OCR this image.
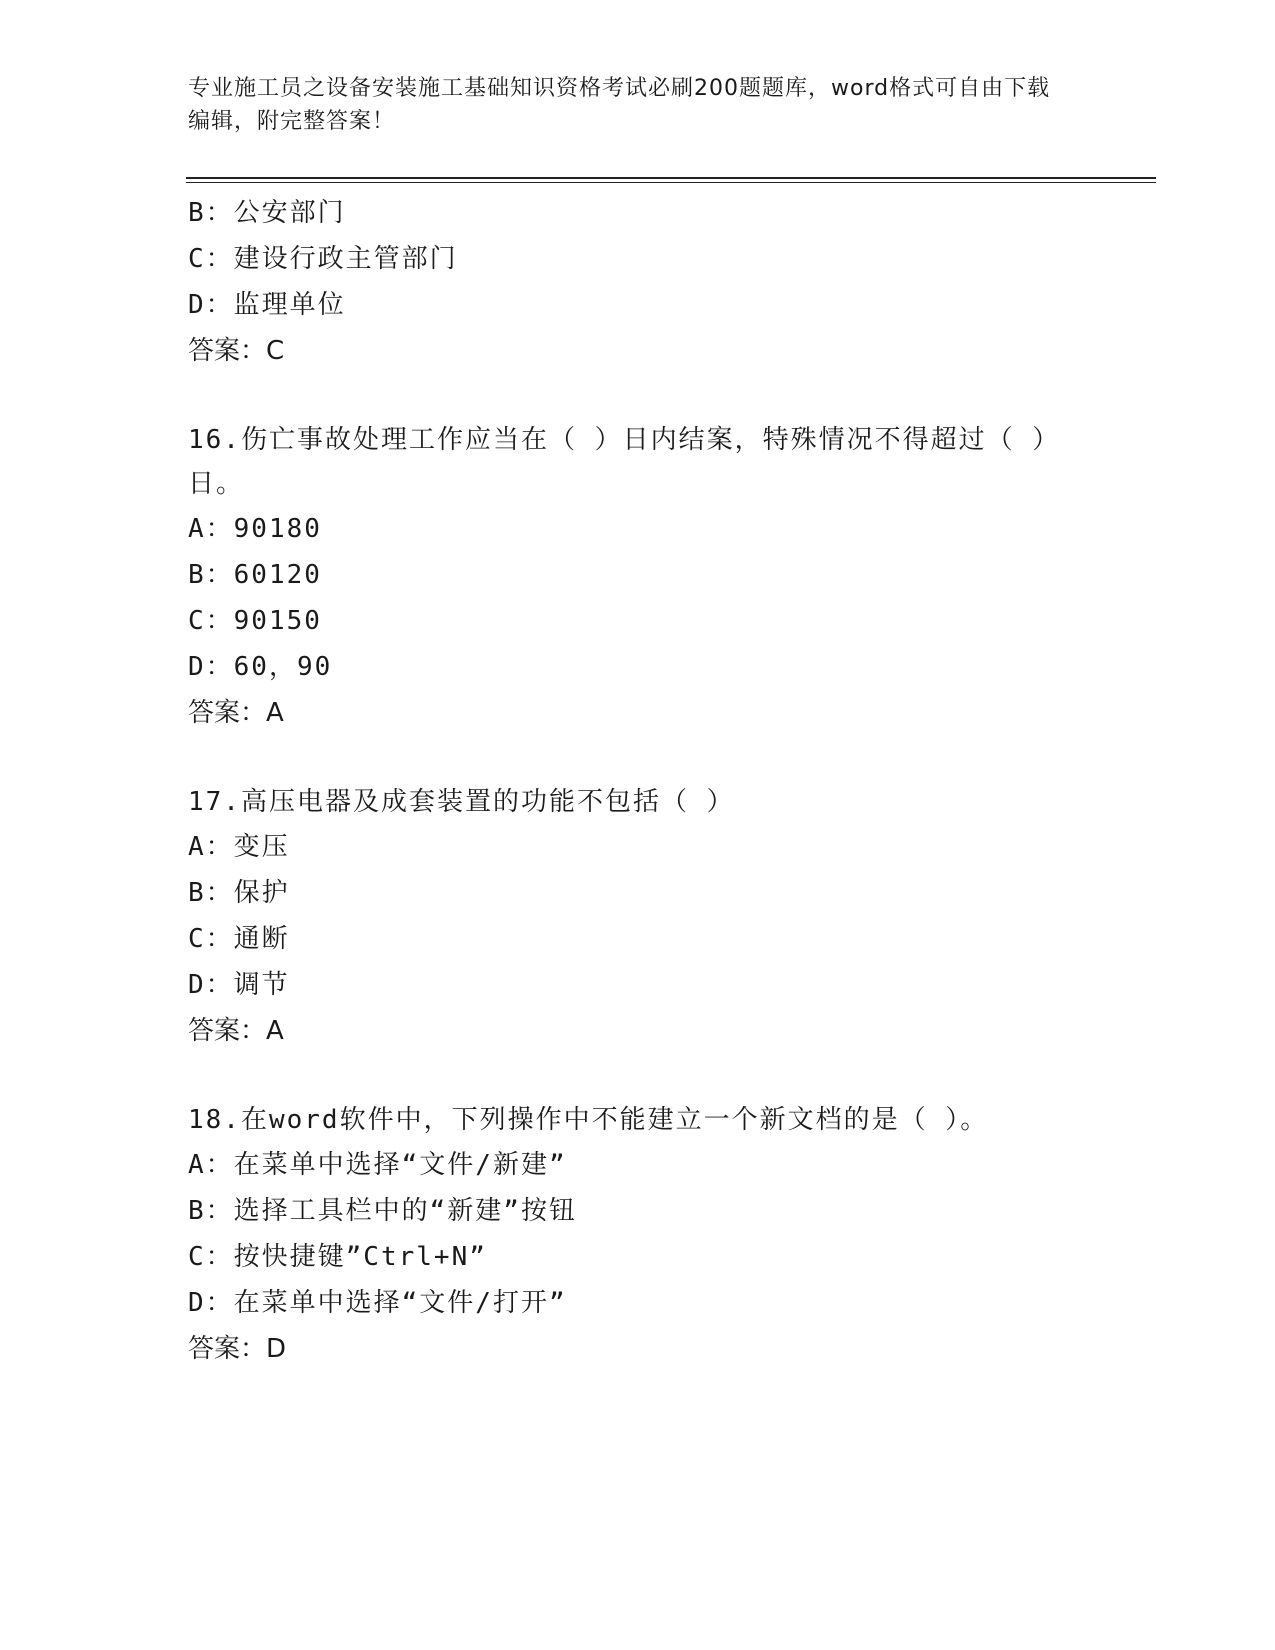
专业施工员之设备安装施工基础知识资格考试必刷200题题库，word格式可自由下载编辑，附完整答案！
B：公安部门
C：建设行政主管部门
D：监理单位
答案：C
16.伤亡事故处理工作应当在（ ）日内结案，特殊情况不得超过（ ）日。
A：90180
B：60120
C：90150
D：60，90
答案：A
17.高压电器及成套装置的功能不包括（ ）
A：变压
B：保护
C：通断
D：调节
答案：A
18.在word软件中，下列操作中不能建立一个新文档的是（ ）。
A：在菜单中选择“文件/新建”
B：选择工具栏中的“新建”按钮
C：按快捷键”Ctrl+N”
D：在菜单中选择“文件/打开”
答案：D
